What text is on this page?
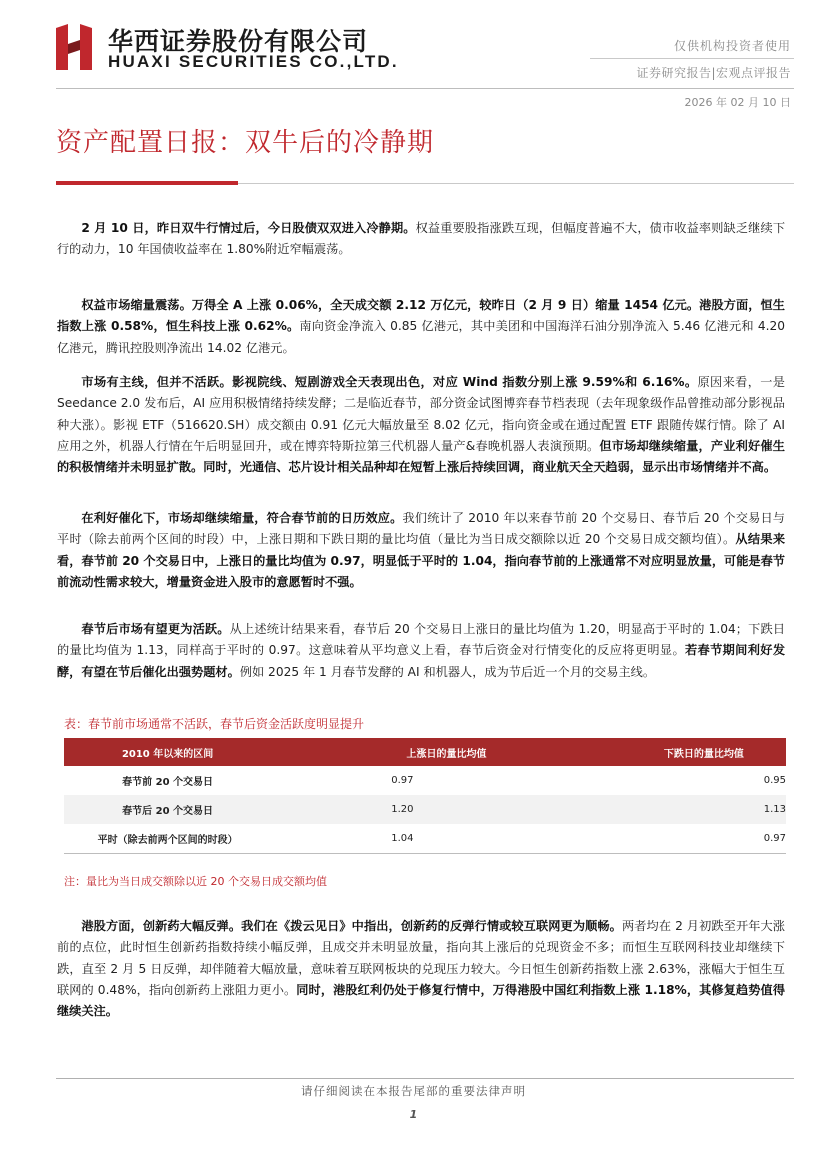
华西证券股份有限公司
HUAXI SECURITIES CO.,LTD.
仅供机构投资者使用
证券研究报告|宏观点评报告
2026 年 02 月 10 日
资产配置日报：双牛后的冷静期

2 月 10 日，昨日双牛行情过后，今日股债双双进入冷静期。权益重要股指涨跌互现，但幅度普遍不大，债市收益率则缺乏继续下行的动力，10 年国债收益率在 1.80%附近窄幅震荡。

权益市场缩量震荡。万得全 A 上涨 0.06%，全天成交额 2.12 万亿元，较昨日（2 月 9 日）缩量 1454 亿元。港股方面，恒生指数上涨 0.58%，恒生科技上涨 0.62%。南向资金净流入 0.85 亿港元，其中美团和中国海洋石油分别净流入 5.46 亿港元和 4.20 亿港元，腾讯控股则净流出 14.02 亿港元。

市场有主线，但并不活跃。影视院线、短剧游戏全天表现出色，对应 Wind 指数分别上涨 9.59%和 6.16%。原因来看，一是 Seedance 2.0 发布后，AI 应用积极情绪持续发酵；二是临近春节，部分资金试图博弈春节档表现（去年现象级作品曾推动部分影视品种大涨）。影视 ETF（516620.SH）成交额由 0.91 亿元大幅放量至 8.02 亿元，指向资金或在通过配置 ETF 跟随传媒行情。除了 AI 应用之外，机器人行情在午后明显回升，或在博弈特斯拉第三代机器人量产&春晚机器人表演预期。但市场却继续缩量，产业利好催生的积极情绪并未明显扩散。同时，光通信、芯片设计相关品种却在短暂上涨后持续回调，商业航天全天趋弱，显示出市场情绪并不高。

在利好催化下，市场却继续缩量，符合春节前的日历效应。我们统计了 2010 年以来春节前 20 个交易日、春节后 20 个交易日与平时（除去前两个区间的时段）中，上涨日期和下跌日期的量比均值（量比为当日成交额除以近 20 个交易日成交额均值）。从结果来看，春节前 20 个交易日中，上涨日的量比均值为 0.97，明显低于平时的 1.04，指向春节前的上涨通常不对应明显放量，可能是春节前流动性需求较大，增量资金进入股市的意愿暂时不强。

春节后市场有望更为活跃。从上述统计结果来看，春节后 20 个交易日上涨日的量比均值为 1.20，明显高于平时的 1.04；下跌日的量比均值为 1.13，同样高于平时的 0.97。这意味着从平均意义上看，春节后资金对行情变化的反应将更明显。若春节期间利好发酵，有望在节后催化出强势题材。例如 2025 年 1 月春节发酵的 AI 和机器人，成为节后近一个月的交易主线。

表：春节前市场通常不活跃，春节后资金活跃度明显提升
2010 年以来的区间	上涨日的量比均值	下跌日的量比均值
春节前 20 个交易日	0.97	0.95
春节后 20 个交易日	1.20	1.13
平时（除去前两个区间的时段）	1.04	0.97
注：量比为当日成交额除以近 20 个交易日成交额均值

港股方面，创新药大幅反弹。我们在《拨云见日》中指出，创新药的反弹行情或较互联网更为顺畅。两者均在 2 月初跌至开年大涨前的点位，此时恒生创新药指数持续小幅反弹，且成交并未明显放量，指向其上涨后的兑现资金不多；而恒生互联网科技业却继续下跌，直至 2 月 5 日反弹，却伴随着大幅放量，意味着互联网板块的兑现压力较大。今日恒生创新药指数上涨 2.63%，涨幅大于恒生互联网的 0.48%，指向创新药上涨阻力更小。同时，港股红利仍处于修复行情中，万得港股中国红利指数上涨 1.18%，其修复趋势值得继续关注。

请仔细阅读在本报告尾部的重要法律声明
1
